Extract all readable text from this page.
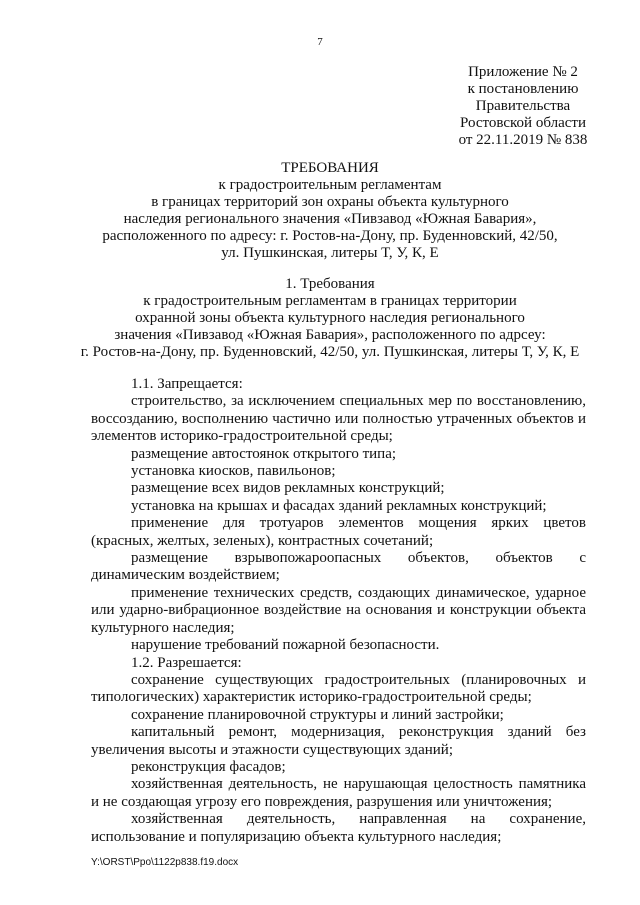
7
Приложение № 2
к постановлению
Правительства
Ростовской области
от 22.11.2019 № 838
ТРЕБОВАНИЯ
к градостроительным регламентам
в границах территорий зон охраны объекта культурного
наследия регионального значения «Пивзавод «Южная Бавария»,
расположенного по адресу: г. Ростов-на-Дону, пр. Буденновский, 42/50,
ул. Пушкинская, литеры Т, У, К, Е
1. Требования
к градостроительным регламентам в границах территории
охранной зоны объекта культурного наследия регионального
значения «Пивзавод «Южная Бавария», расположенного по адрсеу:
г. Ростов-на-Дону, пр. Буденновский, 42/50, ул. Пушкинская, литеры Т, У, К, Е

1.1. Запрещается:

строительство, за исключением специальных мер по восстановлению, воссозданию, восполнению частично или полностью утраченных объектов и элементов историко-градостроительной среды;

размещение автостоянок открытого типа;

установка киосков, павильонов;

размещение всех видов рекламных конструкций;

установка на крышах и фасадах зданий рекламных конструкций;

применение для тротуаров элементов мощения ярких цветов (красных, желтых, зеленых), контрастных сочетаний;

размещение взрывопожароопасных объектов, объектов с динамическим воздействием;

применение технических средств, создающих динамическое, ударное или ударно-вибрационное воздействие на основания и конструкции объекта культурного наследия;

нарушение требований пожарной безопасности.

1.2. Разрешается:

сохранение существующих градостроительных (планировочных и типологических) характеристик историко-градостроительной среды;

сохранение планировочной структуры и линий застройки;

капитальный ремонт, модернизация, реконструкция зданий без увеличения высоты и этажности существующих зданий;

реконструкция фасадов;

хозяйственная деятельность, не нарушающая целостность памятника и не создающая угрозу его повреждения, разрушения или уничтожения;

хозяйственная деятельность, направленная на сохранение, использование и популяризацию объекта культурного наследия;

Y:\ORST\Ppo\1122p838.f19.docx
